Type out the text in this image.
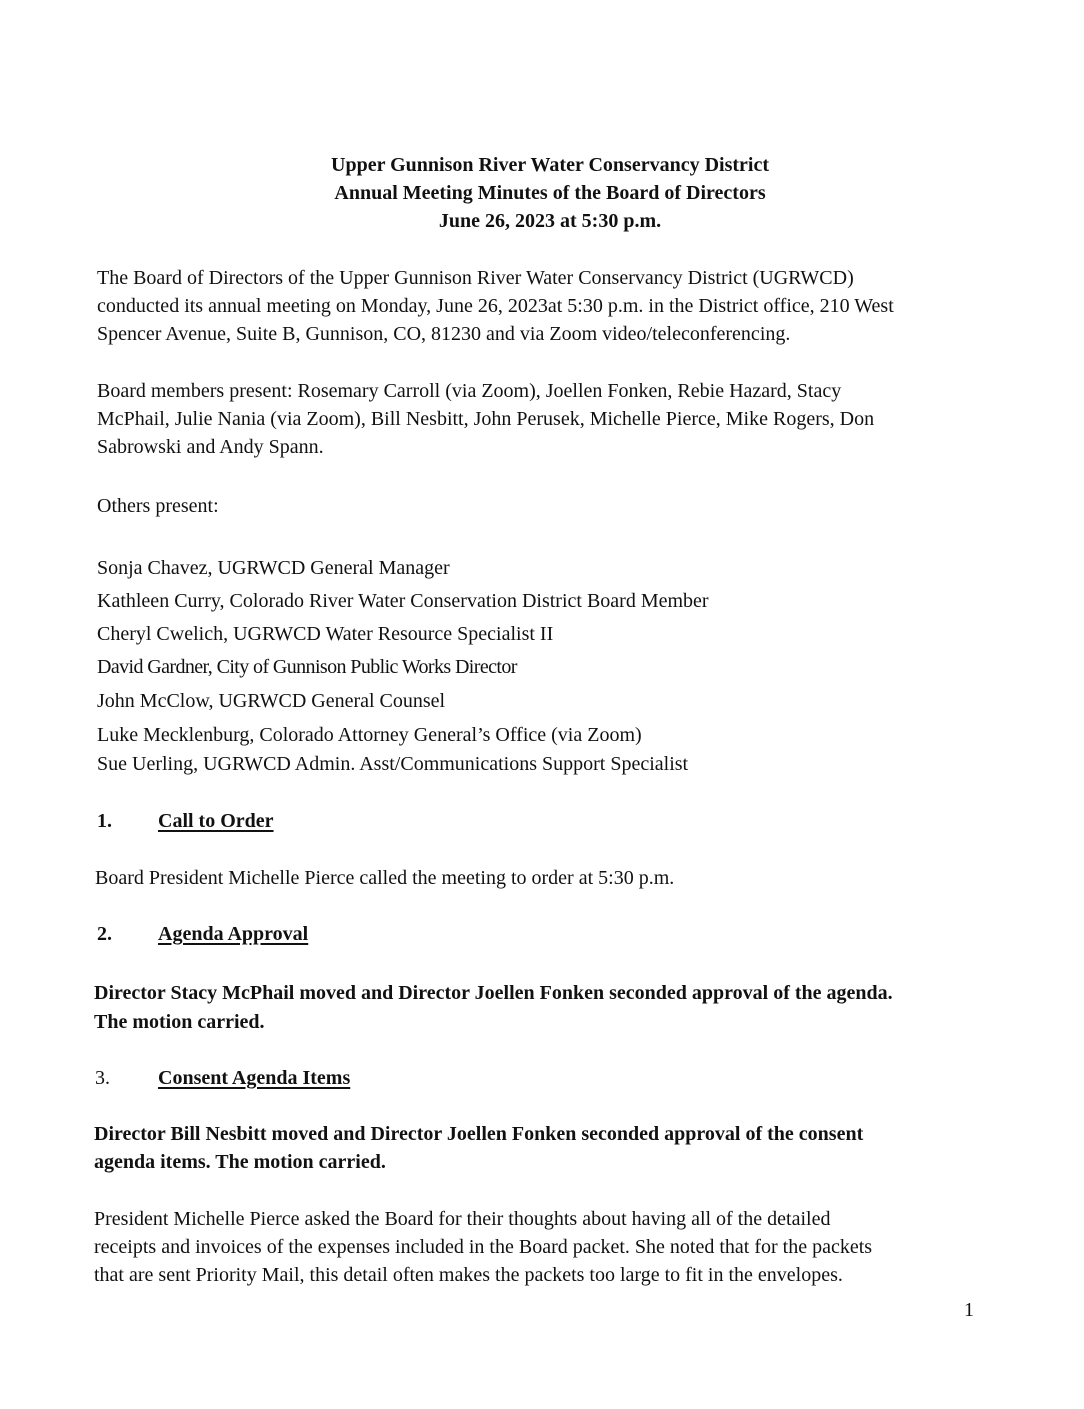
Upper Gunnison River Water Conservancy District
Annual Meeting Minutes of the Board of Directors
June 26, 2023 at 5:30 p.m.
The Board of Directors of the Upper Gunnison River Water Conservancy District (UGRWCD)
conducted its annual meeting on Monday, June 26, 2023at 5:30 p.m. in the District office, 210 West
Spencer Avenue, Suite B, Gunnison, CO, 81230 and via Zoom video/teleconferencing.
Board members present: Rosemary Carroll (via Zoom), Joellen Fonken, Rebie Hazard, Stacy
McPhail, Julie Nania (via Zoom), Bill Nesbitt, John Perusek, Michelle Pierce, Mike Rogers, Don
Sabrowski and Andy Spann.
Others present:
Sonja Chavez, UGRWCD General Manager
Kathleen Curry, Colorado River Water Conservation District Board Member
Cheryl Cwelich, UGRWCD Water Resource Specialist II
David Gardner, City of Gunnison Public Works Director
John McClow, UGRWCD General Counsel
Luke Mecklenburg, Colorado Attorney General’s Office (via Zoom)
Sue Uerling, UGRWCD Admin. Asst/Communications Support Specialist
1. Call to Order
Board President Michelle Pierce called the meeting to order at 5:30 p.m.
2. Agenda Approval
Director Stacy McPhail moved and Director Joellen Fonken seconded approval of the agenda.
The motion carried.
3. Consent Agenda Items
Director Bill Nesbitt moved and Director Joellen Fonken seconded approval of the consent
agenda items. The motion carried.
President Michelle Pierce asked the Board for their thoughts about having all of the detailed
receipts and invoices of the expenses included in the Board packet. She noted that for the packets
that are sent Priority Mail, this detail often makes the packets too large to fit in the envelopes.
1
